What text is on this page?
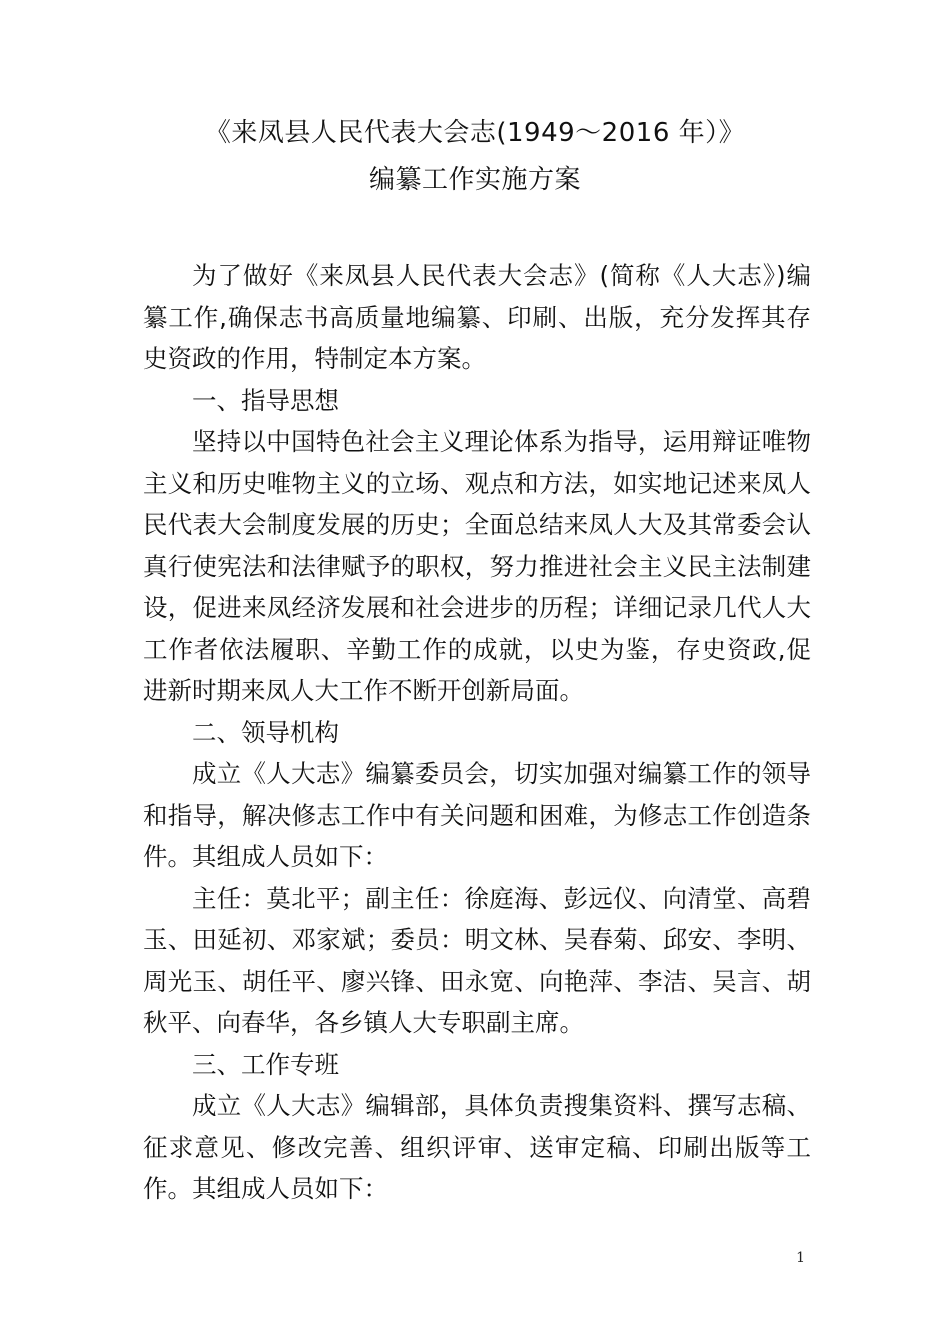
《来凤县人民代表大会志(1949～2016 年）》
编纂工作实施方案

为了做好《来凤县人民代表大会志》(简称《人大志》)编纂工作,确保志书高质量地编纂、印刷、出版，充分发挥其存史资政的作用，特制定本方案。

一、指导思想

坚持以中国特色社会主义理论体系为指导，运用辩证唯物主义和历史唯物主义的立场、观点和方法，如实地记述来凤人民代表大会制度发展的历史；全面总结来凤人大及其常委会认真行使宪法和法律赋予的职权，努力推进社会主义民主法制建设，促进来凤经济发展和社会进步的历程；详细记录几代人大工作者依法履职、辛勤工作的成就，以史为鉴，存史资政,促进新时期来凤人大工作不断开创新局面。

二、领导机构

成立《人大志》编纂委员会，切实加强对编纂工作的领导和指导，解决修志工作中有关问题和困难，为修志工作创造条件。其组成人员如下：

主任：莫北平；副主任：徐庭海、彭远仪、向清堂、高碧玉、田延初、邓家斌；委员：明文林、吴春菊、邱安、李明、周光玉、胡任平、廖兴锋、田永宽、向艳萍、李洁、吴言、胡秋平、向春华，各乡镇人大专职副主席。

三、工作专班

成立《人大志》编辑部，具体负责搜集资料、撰写志稿、征求意见、修改完善、组织评审、送审定稿、印刷出版等工作。其组成人员如下：

1
